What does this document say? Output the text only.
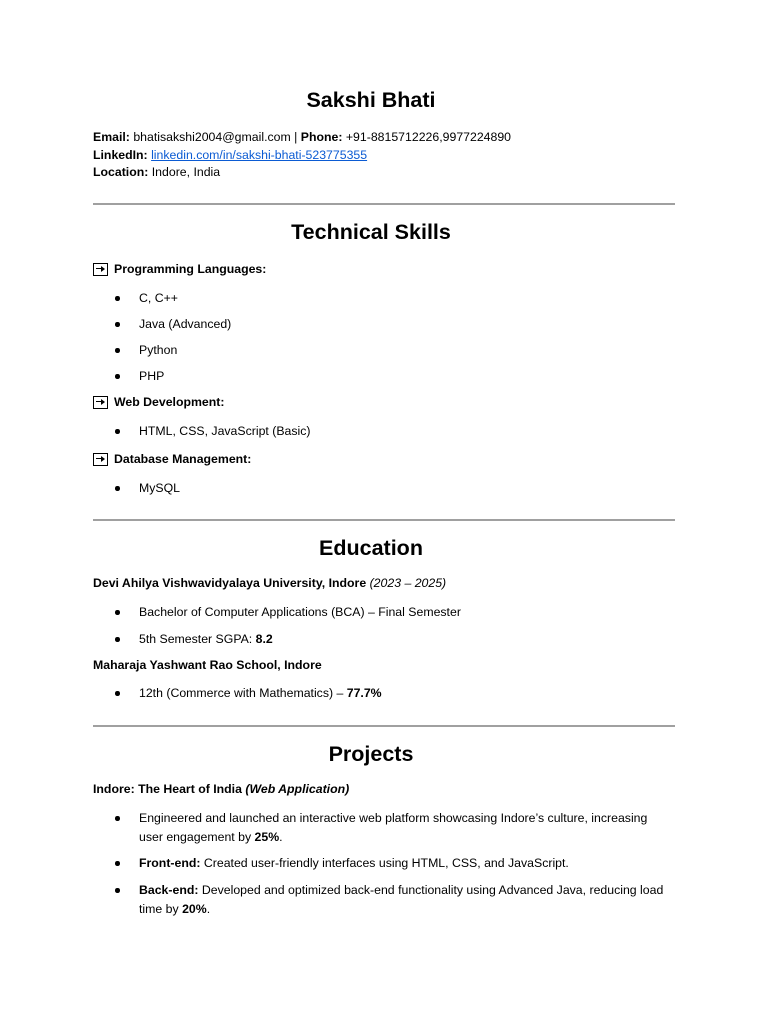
Sakshi Bhati
Email: bhatisakshi2004@gmail.com | Phone: +91-8815712226,9977224890
LinkedIn: linkedin.com/in/sakshi-bhati-523775355
Location: Indore, India
Technical Skills
Programming Languages:
C, C++
Java (Advanced)
Python
PHP
Web Development:
HTML, CSS, JavaScript (Basic)
Database Management:
MySQL
Education
Devi Ahilya Vishwavidyalaya University, Indore (2023 – 2025)
Bachelor of Computer Applications (BCA) – Final Semester
5th Semester SGPA: 8.2
Maharaja Yashwant Rao School, Indore
12th (Commerce with Mathematics) – 77.7%
Projects
Indore: The Heart of India (Web Application)
Engineered and launched an interactive web platform showcasing Indore’s culture, increasing user engagement by 25%.
Front-end: Created user-friendly interfaces using HTML, CSS, and JavaScript.
Back-end: Developed and optimized back-end functionality using Advanced Java, reducing load time by 20%.
